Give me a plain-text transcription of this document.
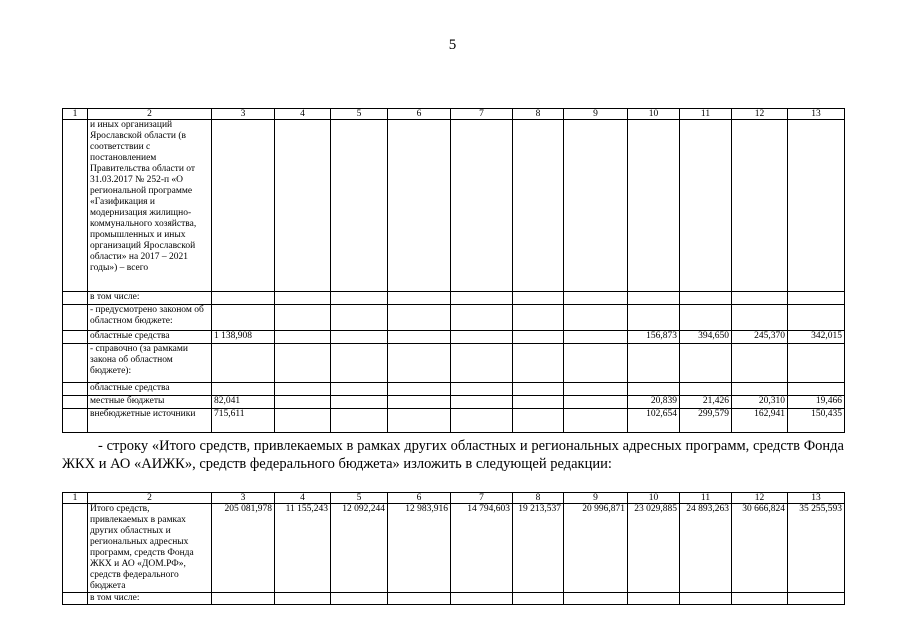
5
1	2	3	4	5	6	7	8	9	10	11	12	13
	и иных организаций Ярославской области (в соответствии с постановлением Правительства области от 31.03.2017 № 252-п «О региональной программе «Газификация и модернизация жилищно-коммунального хозяйства, промышленных и иных организаций Ярославской области» на 2017 – 2021 годы») – всего											
	в том числе:											
	- предусмотрено законом об областном бюджете:											
	областные средства	1 138,908							156,873	394,650	245,370	342,015
	- справочно (за рамками закона об областном бюджете):											
	областные средства											
	местные бюджеты	82,041							20,839	21,426	20,310	19,466
	внебюджетные источники	715,611							102,654	299,579	162,941	150,435
- строку «Итого средств, привлекаемых в рамках других областных и региональных адресных программ, средств Фонда ЖКХ и АО «АИЖК», средств федерального бюджета» изложить в следующей редакции:
1	2	3	4	5	6	7	8	9	10	11	12	13
	Итого средств, привлекаемых в рамках других областных и региональных адресных программ, средств Фонда ЖКХ и АО «ДОМ.РФ», средств федерального бюджета	205 081,978	11 155,243	12 092,244	12 983,916	14 794,603	19 213,537	20 996,871	23 029,885	24 893,263	30 666,824	35 255,593
	в том числе:											
